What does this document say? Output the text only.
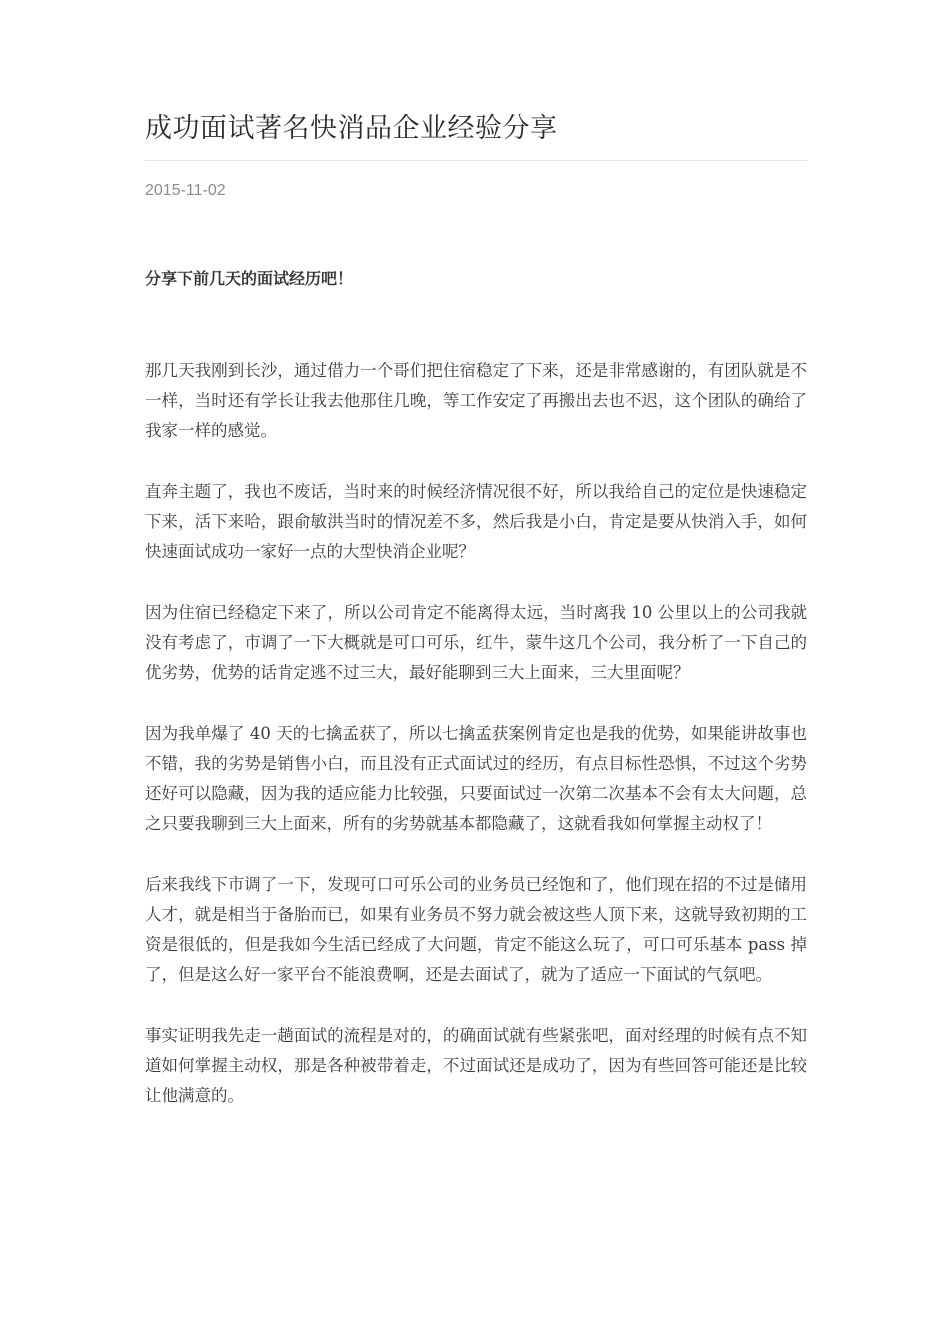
成功面试著名快消品企业经验分享
2015-11-02
分享下前几天的面试经历吧！

那几天我刚到长沙，通过借力一个哥们把住宿稳定了下来，还是非常感谢的，有团队就是不一样，当时还有学长让我去他那住几晚，等工作安定了再搬出去也不迟，这个团队的确给了我家一样的感觉。

直奔主题了，我也不废话，当时来的时候经济情况很不好，所以我给自己的定位是快速稳定下来，活下来哈，跟俞敏洪当时的情况差不多，然后我是小白，肯定是要从快消入手，如何快速面试成功一家好一点的大型快消企业呢？

因为住宿已经稳定下来了，所以公司肯定不能离得太远，当时离我 10 公里以上的公司我就没有考虑了，市调了一下大概就是可口可乐，红牛，蒙牛这几个公司，我分析了一下自己的优劣势，优势的话肯定逃不过三大，最好能聊到三大上面来，三大里面呢？

因为我单爆了 40 天的七擒孟获了，所以七擒孟获案例肯定也是我的优势，如果能讲故事也不错，我的劣势是销售小白，而且没有正式面试过的经历，有点目标性恐惧，不过这个劣势还好可以隐藏，因为我的适应能力比较强，只要面试过一次第二次基本不会有太大问题，总之只要我聊到三大上面来，所有的劣势就基本都隐藏了，这就看我如何掌握主动权了！

后来我线下市调了一下，发现可口可乐公司的业务员已经饱和了，他们现在招的不过是储用人才，就是相当于备胎而已，如果有业务员不努力就会被这些人顶下来，这就导致初期的工资是很低的，但是我如今生活已经成了大问题，肯定不能这么玩了，可口可乐基本 pass 掉了，但是这么好一家平台不能浪费啊，还是去面试了，就为了适应一下面试的气氛吧。

事实证明我先走一趟面试的流程是对的，的确面试就有些紧张吧，面对经理的时候有点不知道如何掌握主动权，那是各种被带着走，不过面试还是成功了，因为有些回答可能还是比较让他满意的。
